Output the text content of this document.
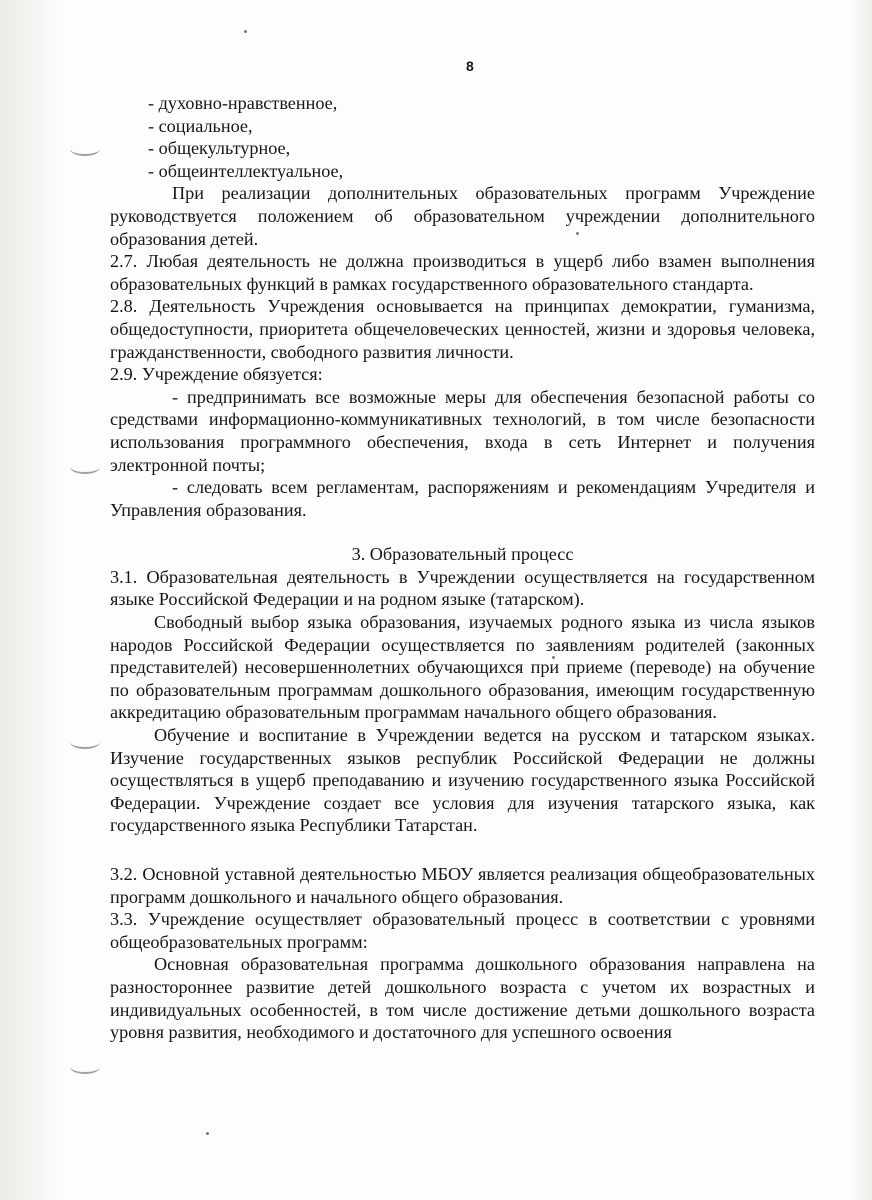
8

- духовно-нравственное,

- социальное,

- общекультурное,

- общеинтеллектуальное,

При реализации дополнительных образовательных программ Учреждение руководствуется положением об образовательном учреждении дополнительного образования детей.

2.7. Любая деятельность не должна производиться в ущерб либо взамен выполнения образовательных функций в рамках государственного образовательного стандарта.

2.8. Деятельность Учреждения основывается на принципах демократии, гуманизма, общедоступности, приоритета общечеловеческих ценностей, жизни и здоровья человека, гражданственности, свободного развития личности.

2.9. Учреждение обязуется:

- предпринимать все возможные меры для обеспечения безопасной работы со средствами информационно-коммуникативных технологий, в том числе безопасности использования программного обеспечения, входа в сеть Интернет и получения электронной почты;

- следовать всем регламентам, распоряжениям и рекомендациям Учредителя и Управления образования.

3. Образовательный процесс

3.1. Образовательная деятельность в Учреждении осуществляется на государственном языке Российской Федерации и на родном языке (татарском).

Свободный выбор языка образования, изучаемых родного языка из числа языков народов Российской Федерации осуществляется по заявлениям родителей (законных представителей) несовершеннолетних обучающихся при приеме (переводе) на обучение по образовательным программам дошкольного образования, имеющим государственную аккредитацию образовательным программам начального общего образования.

Обучение и воспитание в Учреждении ведется на русском и татарском языках. Изучение государственных языков республик Российской Федерации не должны осуществляться в ущерб преподаванию и изучению государственного языка Российской Федерации. Учреждение создает все условия для изучения татарского языка, как государственного языка Республики Татарстан.

3.2. Основной уставной деятельностью МБОУ является реализация общеобразовательных программ дошкольного и начального общего образования.

3.3. Учреждение осуществляет образовательный процесс в соответствии с уровнями общеобразовательных программ:

Основная образовательная программа дошкольного образования направлена на разностороннее развитие детей дошкольного возраста с учетом их возрастных и индивидуальных особенностей, в том числе достижение детьми дошкольного возраста уровня развития, необходимого и достаточного для успешного освоения
